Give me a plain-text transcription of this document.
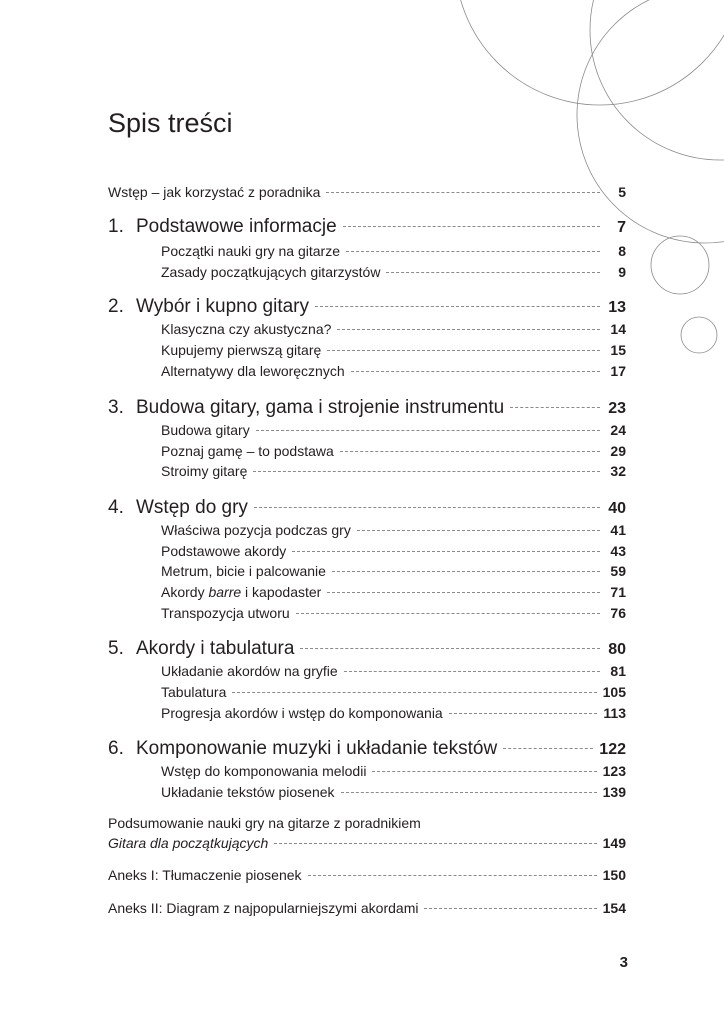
Spis treści
Wstęp – jak korzystać z poradnika	5
1. Podstawowe informacje	7
Początki nauki gry na gitarze	8
Zasady początkujących gitarzystów	9
2. Wybór i kupno gitary	13
Klasyczna czy akustyczna?	14
Kupujemy pierwszą gitarę	15
Alternatywy dla leworęcznych	17
3. Budowa gitary, gama i strojenie instrumentu	23
Budowa gitary	24
Poznaj gamę – to podstawa	29
Stroimy gitarę	32
4. Wstęp do gry	40
Właściwa pozycja podczas gry	41
Podstawowe akordy	43
Metrum, bicie i palcowanie	59
Akordy barre i kapodaster	71
Transpozycja utworu	76
5. Akordy i tabulatura	80
Układanie akordów na gryfie	81
Tabulatura	105
Progresja akordów i wstęp do komponowania	113
6. Komponowanie muzyki i układanie tekstów	122
Wstęp do komponowania melodii	123
Układanie tekstów piosenek	139
Podsumowanie nauki gry na gitarze z poradnikiem
Gitara dla początkujących	149
Aneks I: Tłumaczenie piosenek	150
Aneks II: Diagram z najpopularniejszymi akordami	154
3
